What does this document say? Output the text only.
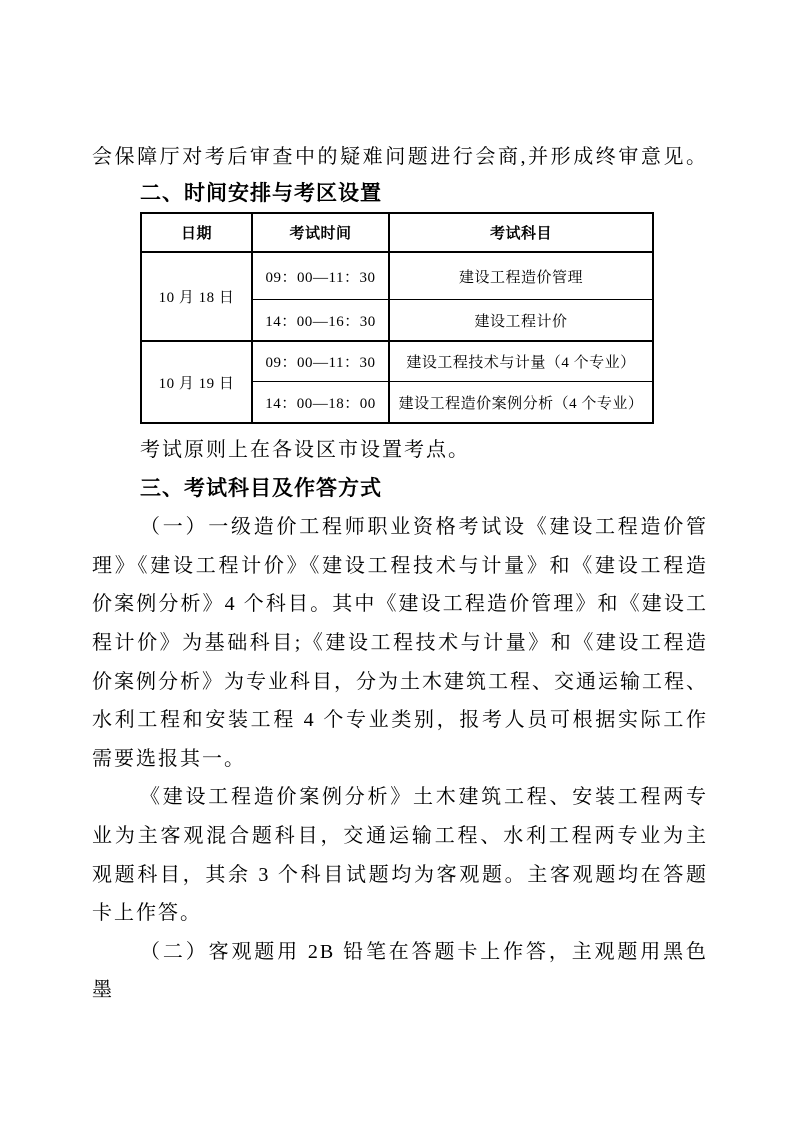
会保障厅对考后审查中的疑难问题进行会商,并形成终审意见。
二、时间安排与考区设置
日期	考试时间	考试科目
10 月 18 日	09：00—11：30	建设工程造价管理
	14：00—16：30	建设工程计价
10 月 19 日	09：00—11：30	建设工程技术与计量（4 个专业）
	14：00—18：00	建设工程造价案例分析（4 个专业）
考试原则上在各设区市设置考点。
三、考试科目及作答方式
（一）一级造价工程师职业资格考试设《建设工程造价管
理》《建设工程计价》《建设工程技术与计量》和《建设工程造
价案例分析》4 个科目。其中《建设工程造价管理》和《建设工
程计价》为基础科目;《建设工程技术与计量》和《建设工程造
价案例分析》为专业科目，分为土木建筑工程、交通运输工程、
水利工程和安装工程 4 个专业类别，报考人员可根据实际工作
需要选报其一。
《建设工程造价案例分析》土木建筑工程、安装工程两专
业为主客观混合题科目，交通运输工程、水利工程两专业为主
观题科目，其余 3 个科目试题均为客观题。主客观题均在答题
卡上作答。
（二）客观题用 2B 铅笔在答题卡上作答，主观题用黑色墨
